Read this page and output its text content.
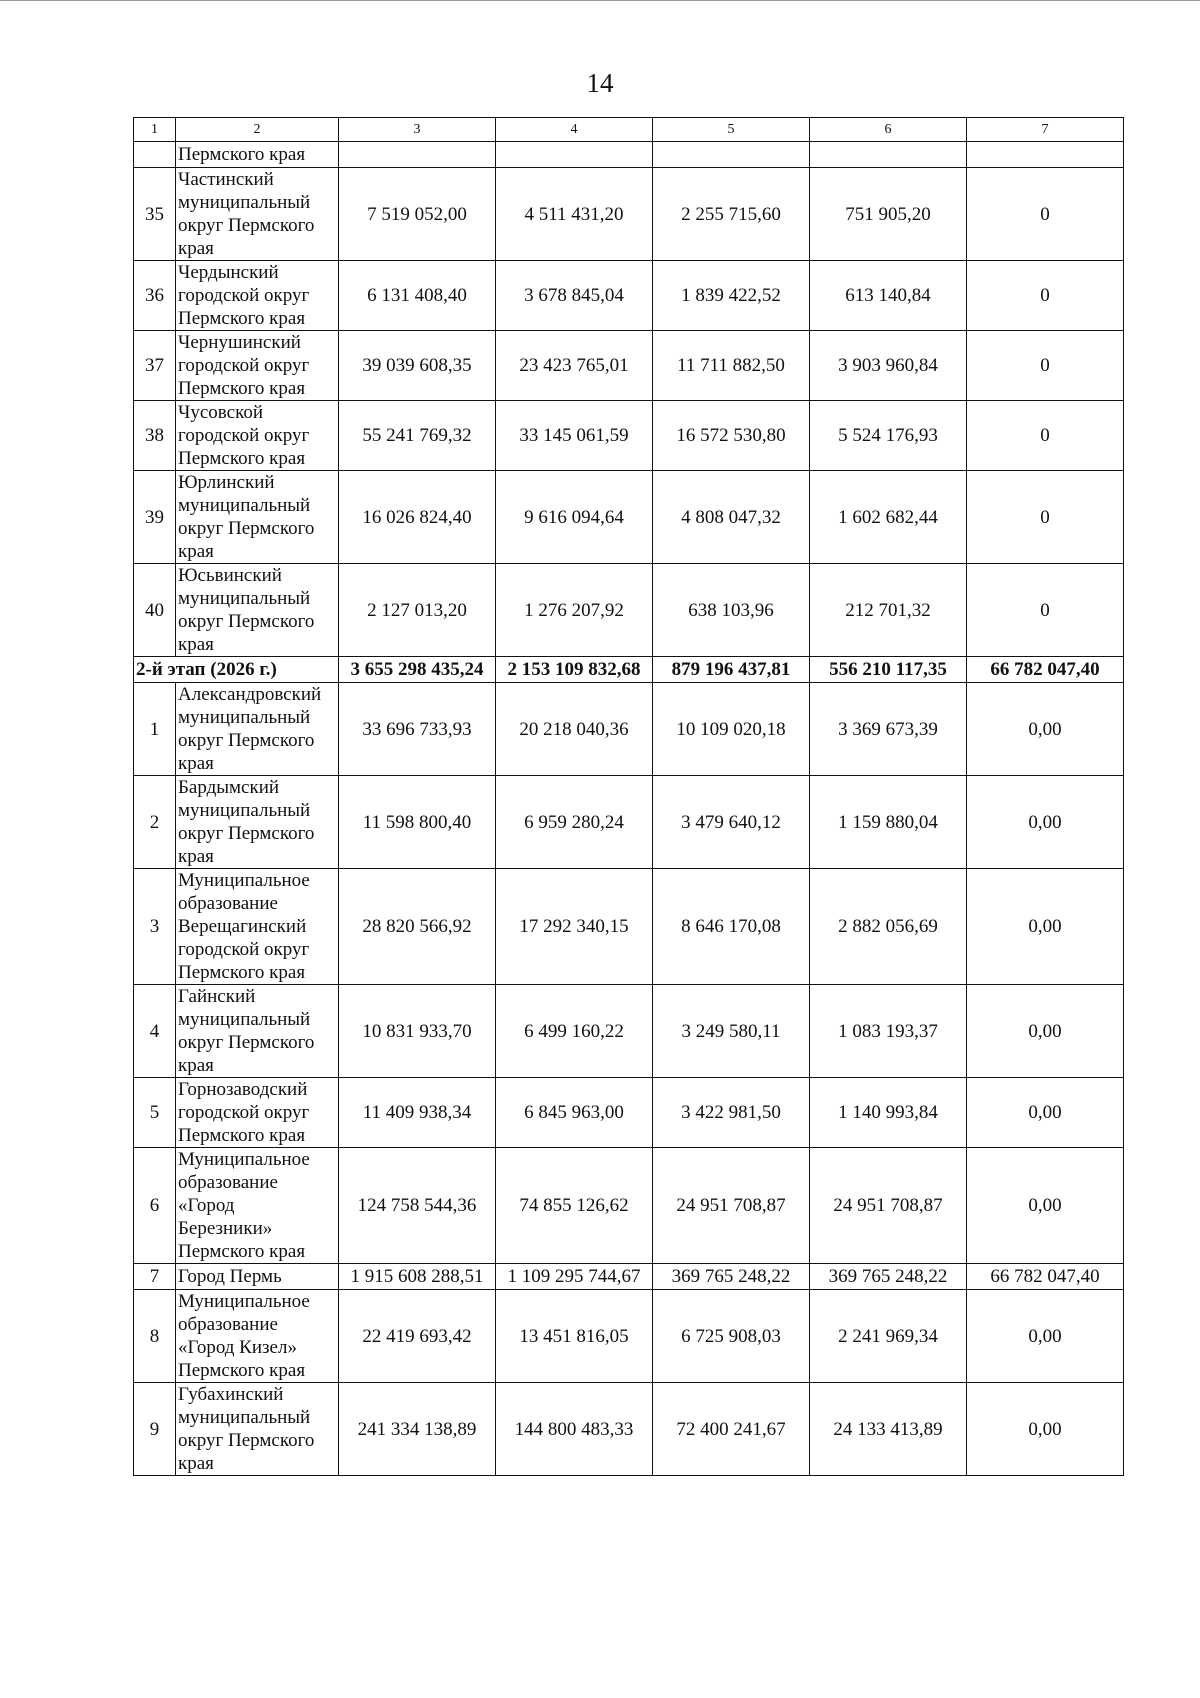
14
1	2	3	4	5	6	7

	Пермского края					

35	Частинский
муниципальный
округ Пермского
края	7 519 052,00	4 511 431,20	2 255 715,60	751 905,20	0
36	Чердынский
городской округ
Пермского края	6 131 408,40	3 678 845,04	1 839 422,52	613 140,84	0
37	Чернушинский
городской округ
Пермского края	39 039 608,35	23 423 765,01	11 711 882,50	3 903 960,84	0
38	Чусовской
городской округ
Пермского края	55 241 769,32	33 145 061,59	16 572 530,80	5 524 176,93	0
39	Юрлинский
муниципальный
округ Пермского
края	16 026 824,40	9 616 094,64	4 808 047,32	1 602 682,44	0
40	Юсьвинский
муниципальный
округ Пермского
края	2 127 013,20	1 276 207,92	638 103,96	212 701,32	0
2-й этап (2026 г.)		3 655 298 435,24	2 153 109 832,68	879 196 437,81	556 210 117,35	66 782 047,40
1	Александровский
муниципальный
округ Пермского
края	33 696 733,93	20 218 040,36	10 109 020,18	3 369 673,39	0,00
2	Бардымский
муниципальный
округ Пермского
края	11 598 800,40	6 959 280,24	3 479 640,12	1 159 880,04	0,00
3	Муниципальное
образование
Верещагинский
городской округ
Пермского края	28 820 566,92	17 292 340,15	8 646 170,08	2 882 056,69	0,00
4	Гайнский
муниципальный
округ Пермского
края	10 831 933,70	6 499 160,22	3 249 580,11	1 083 193,37	0,00
5	Горнозаводский
городской округ
Пермского края	11 409 938,34	6 845 963,00	3 422 981,50	1 140 993,84	0,00
6	Муниципальное
образование
«Город
Березники»
Пермского края	124 758 544,36	74 855 126,62	24 951 708,87	24 951 708,87	0,00
7	Город Пермь	1 915 608 288,51	1 109 295 744,67	369 765 248,22	369 765 248,22	66 782 047,40
8	Муниципальное
образование
«Город Кизел»
Пермского края	22 419 693,42	13 451 816,05	6 725 908,03	2 241 969,34	0,00
9	Губахинский
муниципальный
округ Пермского
края	241 334 138,89	144 800 483,33	72 400 241,67	24 133 413,89	0,00
